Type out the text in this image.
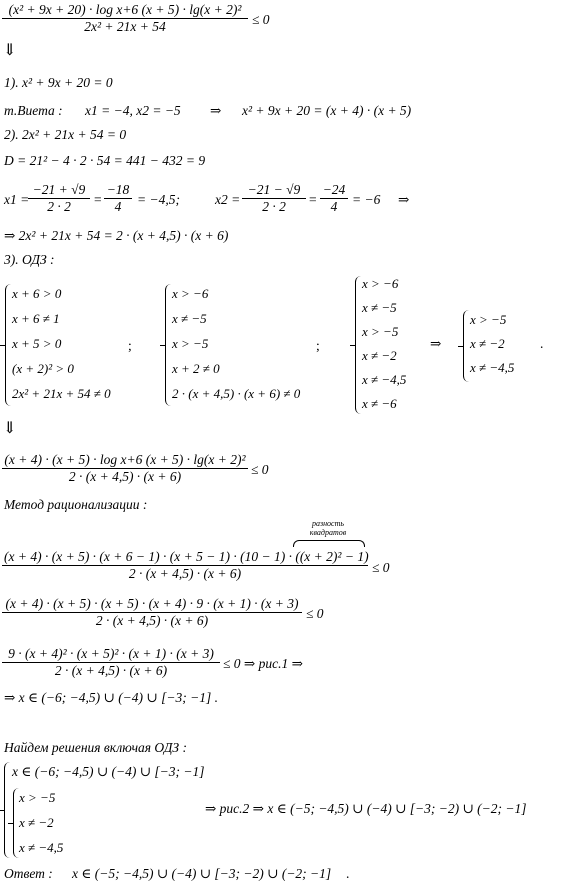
$\frac{\text{(x² + 9x + 20) · log x+6 (x + 5) · lg(x + 2)²}}{\text{2x² + 21x + 54}} \le 0$
⇓
1). x² + 9x + 20 = 0
т.Виета : x1 = −4, x2 = −5 ⇒ x² + 9x + 20 = (x + 4) · (x + 5)
2). 2x² + 21x + 54 = 0
D = 21² − 4 · 2 · 54 = 441 − 432 = 9
x1 =
$\frac{-21 + √9}{2 \cdot 2} = \frac{-18}{4} = -4,5$;	$x2 = \frac{-21 - √9}{2 \cdot 2} = \frac{-24}{4} = -6$ ⇒
⇒ 2x² + 21x + 54 = 2 · (x + 4,5) · (x + 6)
3). ОДЗ :
x + 6 > 0
x + 6 ≠ 1
x + 5 > 0
(x + 2)² > 0
2x² + 21x + 54 ≠ 0
;
x > −6
x ≠ −5
x > −5
x + 2 ≠ 0
2 · (x + 4,5) · (x + 6) ≠ 0
;
x > −6
x ≠ −5
x > −5
x ≠ −2
x ≠ −4,5
x ≠ −6
⇒
x > −5
x ≠ −2
x ≠ −4,5
.
⇓
$\frac{\text{(x + 4) · (x + 5) · log x+6 (x + 5) · lg(x + 2)²}}{2 \cdot (x + 4,5) \cdot (x + 6)} \le 0$
Метод рационализации :
разность
квадратов
(x + 4) · (x + 5) · (x + 6 − 1) · (x + 5 − 1) · (10 − 1) · ((x + 2)² − 1)
2 · (x + 4,5) · (x + 6)	≤ 0
(x + 4) · (x + 5) · (x + 5) · (x + 4) · 9 · (x + 1) · (x + 3)
2 · (x + 4,5) · (x + 6)	≤ 0
$\frac{\text{9 · (x + 4)² · (x + 5)² · (x + 1) · (x + 3)}}{2 \cdot (x + 4,5) \cdot (x + 6)} \le 0$ ⇒ рис.1 ⇒
⇒ x ∈ (−6; −4,5) ∪ (−4) ∪ [−3; −1] .
Найдем решения включая ОДЗ :
x ∈ (−6; −4,5) ∪ (−4) ∪ [−3; −1]
x > −5
x ≠ −2
x ≠ −4,5
⇒ рис.2 ⇒ x ∈ (−5; −4,5) ∪ (−4) ∪ [−3; −2) ∪ (−2; −1]
Ответ : x ∈ (−5; −4,5) ∪ (−4) ∪ [−3; −2) ∪ (−2; −1] .
